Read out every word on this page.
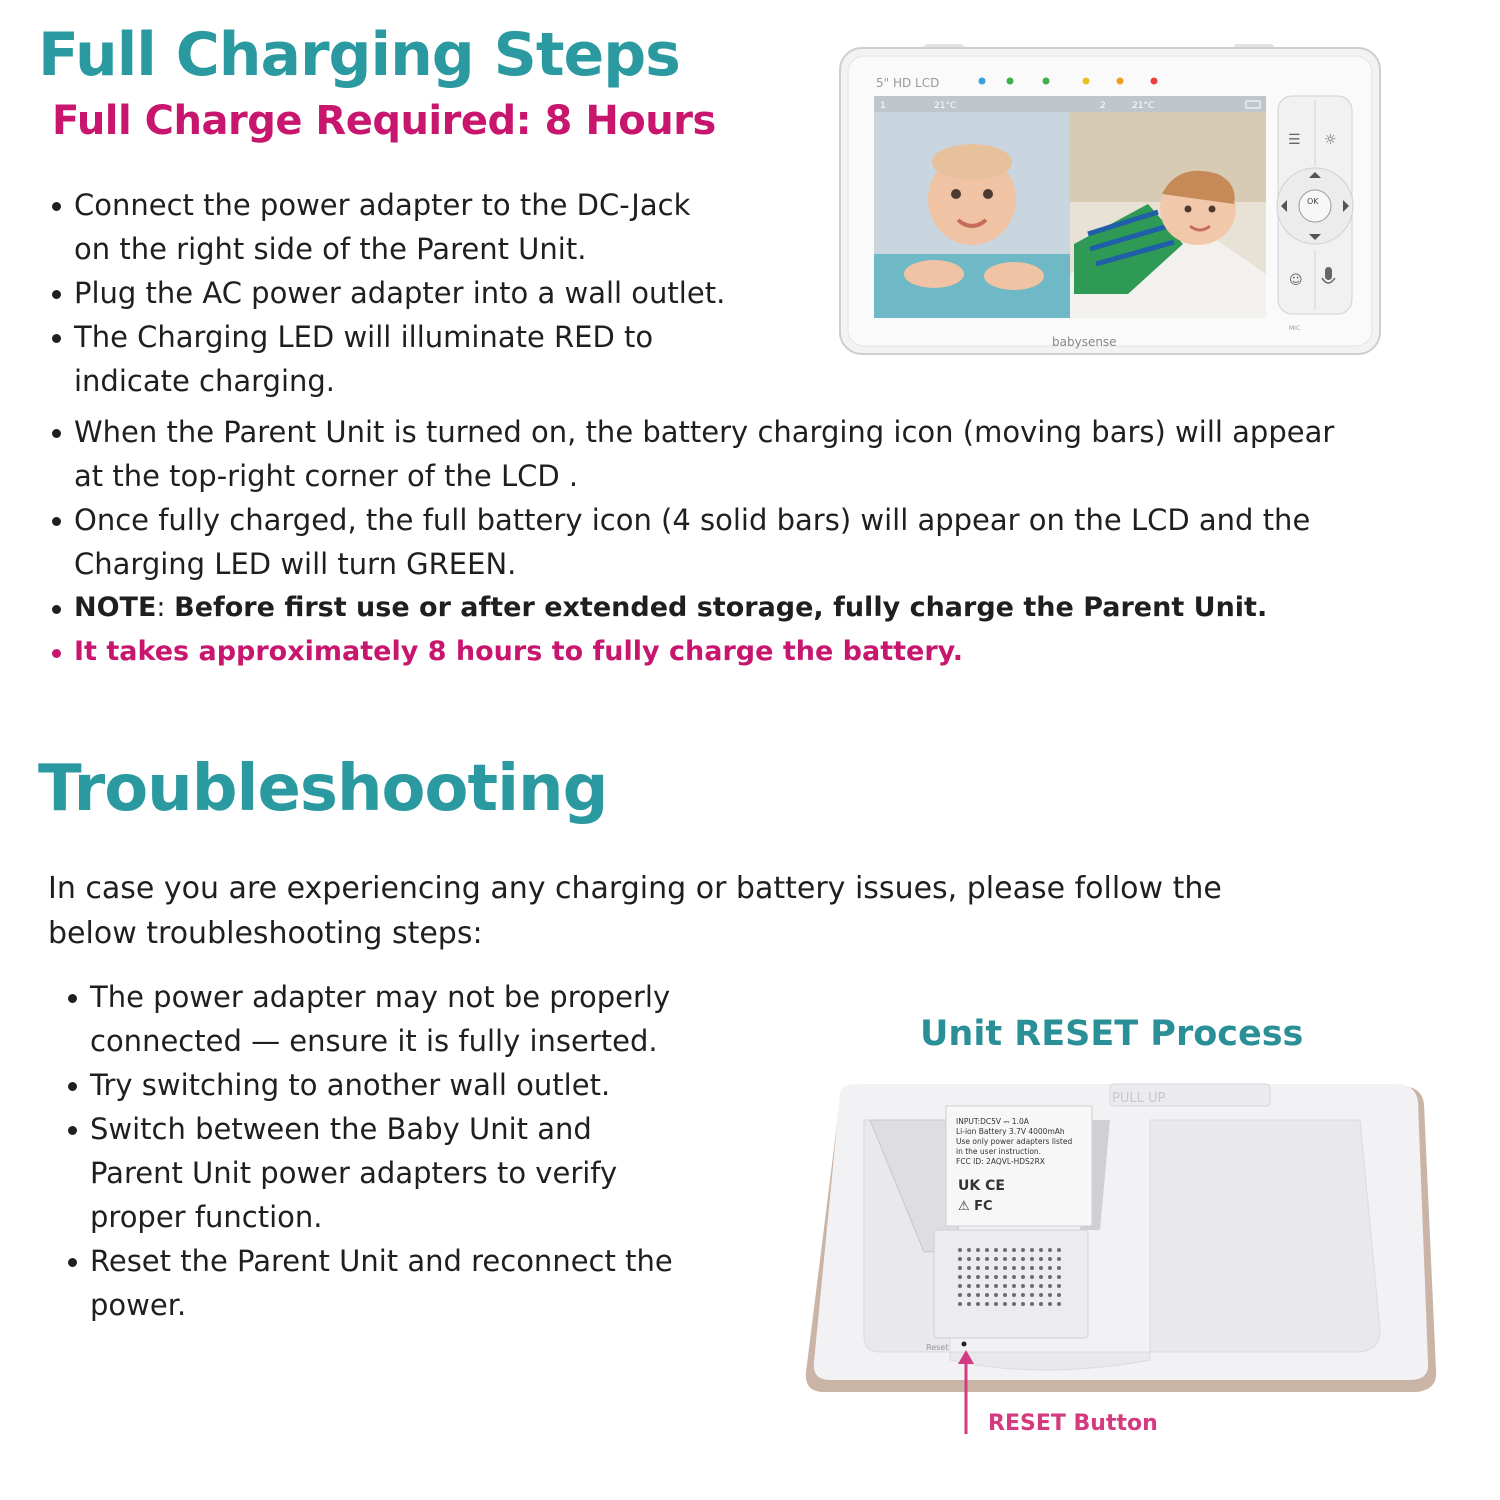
Full Charging Steps
Full Charge Required: 8 Hours
Connect the power adapter to the DC-Jack
on the right side of the Parent Unit.
Plug the AC power adapter into a wall outlet.
The Charging LED will illuminate RED to
indicate charging.
When the Parent Unit is turned on, the battery charging icon (moving bars) will appear
at the top-right corner of the LCD .
Once fully charged, the full battery icon (4 solid bars) will appear on the LCD and the
Charging LED will turn GREEN.
NOTE: Before first use or after extended storage, fully charge the Parent Unit.
It takes approximately 8 hours to fully charge the battery.
5" HD LCD
1	21°C	2	21°C
☰ ☼
OK
☺
MIC
babysense
Troubleshooting
In case you are experiencing any charging or battery issues, please follow the
below troubleshooting steps:
The power adapter may not be properly
connected — ensure it is fully inserted.
Try switching to another wall outlet.
Switch between the Baby Unit and
Parent Unit power adapters to verify
proper function.
Reset the Parent Unit and reconnect the
power.
Unit RESET Process
PULL UP
INPUT:DC5V ⎓ 1.0A
Li-ion Battery 3.7V 4000mAh
Use only power adapters listed
in the user instruction.
FCC ID: 2AQVL-HDS2RX
UK CE
⚠ FC
Reset
RESET Button
